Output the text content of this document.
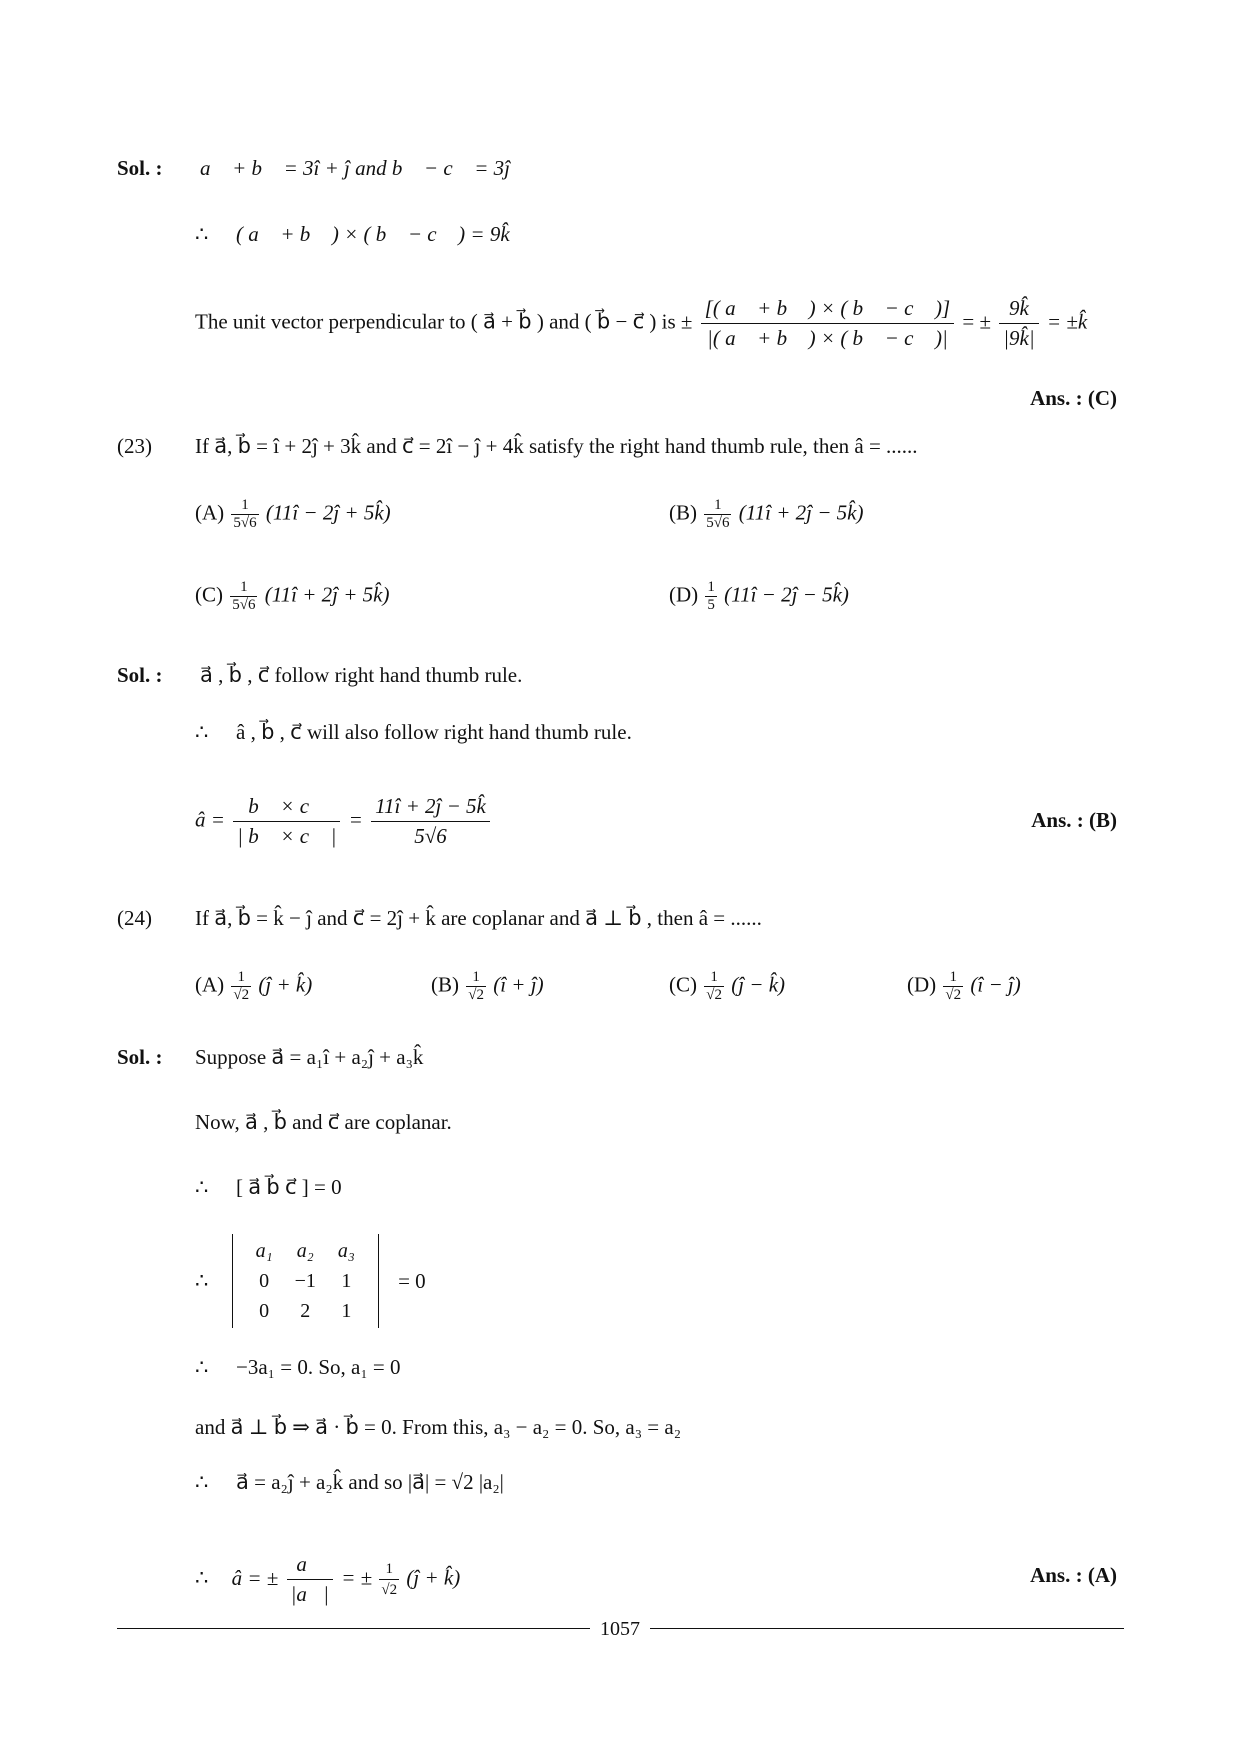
Sol. : a⃗ + b⃗ = 3î + ĵ and b⃗ − c⃗ = 3ĵ
∴ ( a⃗ + b⃗ ) × ( b⃗ − c⃗ ) = 9k̂
The unit vector perpendicular to ( a⃗ + b⃗ ) and ( b⃗ − c⃗ ) is ± $\frac{[( a⃗ + b⃗ ) \times ( b⃗ - c⃗ )]}{|( a⃗ + b⃗ ) \times ( b⃗ - c⃗ )|}$ = ± $\frac{9k̂}{|9k̂|}$ = ±k̂
Ans. : (C)
(23) If a⃗, b⃗ = î + 2ĵ + 3k̂ and c⃗ = 2î − ĵ + 4k̂ satisfy the right hand thumb rule, then â = ......
$(A) \frac{1}{5√6}$ (11î − 2ĵ + 5k̂)	$(B) \frac{1}{5√6}$ (11î + 2ĵ − 5k̂)
$(C) \frac{1}{5√6}$ (11î + 2ĵ + 5k̂)	$(D) \frac{1}{5}$ (11î − 2ĵ − 5k̂)
Sol. : a⃗ , b⃗ , c⃗ follow right hand thumb rule.
∴ â , b⃗ , c⃗ will also follow right hand thumb rule.
â = $\frac{b⃗ \times c⃗}{| b⃗ \times c⃗ |} = \frac{11î + 2ĵ - 5k̂}{5√6}$	Ans. : (B)
(24) If a⃗, b⃗ = k̂ − ĵ and c⃗ = 2ĵ + k̂ are coplanar and a⃗ ⊥ b⃗ , then â = ......
$(A) \frac{1}{√2}$ (ĵ + k̂)	$(B) \frac{1}{√2}$ (î + ĵ)	$(C) \frac{1}{√2}$ (ĵ − k̂)	$(D) \frac{1}{√2}$ (î − ĵ)
Sol. : Suppose a⃗ = a₁î + a₂ĵ + a₃k̂
Now, a⃗ , b⃗ and c⃗ are coplanar.
∴ [ a⃗ b⃗ c⃗ ] = 0
∴
a₁	a₂	a₃
0	−1	1
0	2	1
= 0
∴ −3a₁ = 0. So, a₁ = 0
and a⃗ ⊥ b⃗ ⇒ a⃗ · b⃗ = 0. From this, a₃ − a₂ = 0. So, a₃ = a₂
∴ a⃗ = a₂ĵ + a₂k̂ and so |a⃗| = √2 |a₂|
∴ â = ± $\frac{a⃗}{|a⃗|}$ = ± $\frac{1}{√2}$ (ĵ + k̂)	Ans. : (A)
1057
